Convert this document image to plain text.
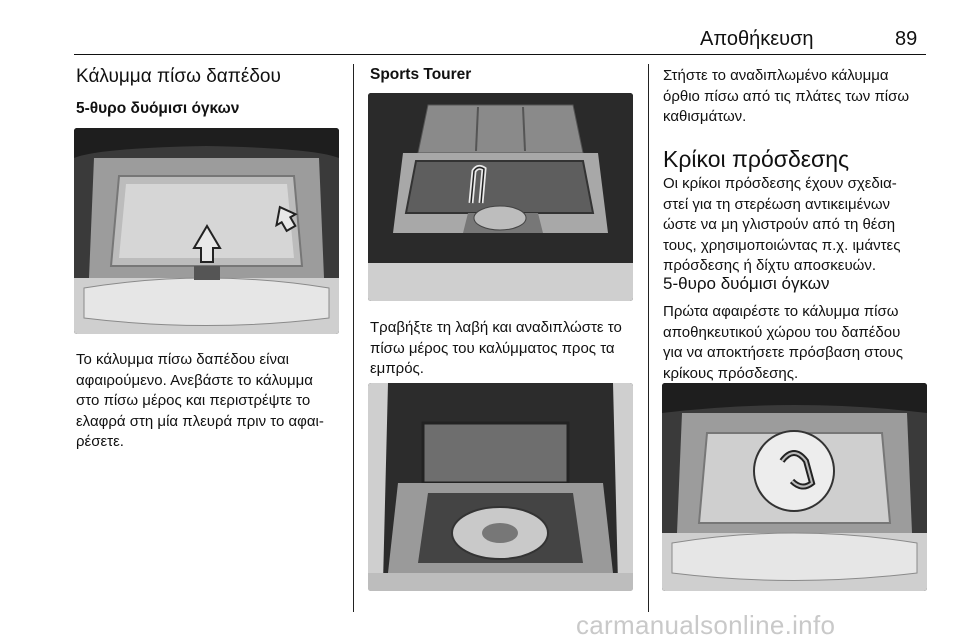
Αποθήκευση	89
Κάλυμμα πίσω δαπέδου
5-θυρο δυόμισι όγκων
Το κάλυμμα πίσω δαπέδου είναι
αφαιρούμενο. Ανεβάστε το κάλυμμα
στο πίσω μέρος και περιστρέψτε το
ελαφρά στη μία πλευρά πριν το αφαι-
ρέσετε.
Sports Tourer
Τραβήξτε τη λαβή και αναδιπλώστε το
πίσω μέρος του καλύμματος προς τα
εμπρός.
Στήστε το αναδιπλωμένο κάλυμμα
όρθιο πίσω από τις πλάτες των πίσω
καθισμάτων.
Κρίκοι πρόσδεσης
Οι κρίκοι πρόσδεσης έχουν σχεδια-
στεί για τη στερέωση αντικειμένων
ώστε να μη γλιστρούν από τη θέση
τους, χρησιμοποιώντας π.χ. ιμάντες
πρόσδεσης ή δίχτυ αποσκευών.
5-θυρο δυόμισι όγκων
Πρώτα αφαιρέστε το κάλυμμα πίσω
αποθηκευτικού χώρου του δαπέδου
για να αποκτήσετε πρόσβαση στους
κρίκους πρόσδεσης.
carmanualsonline.info
